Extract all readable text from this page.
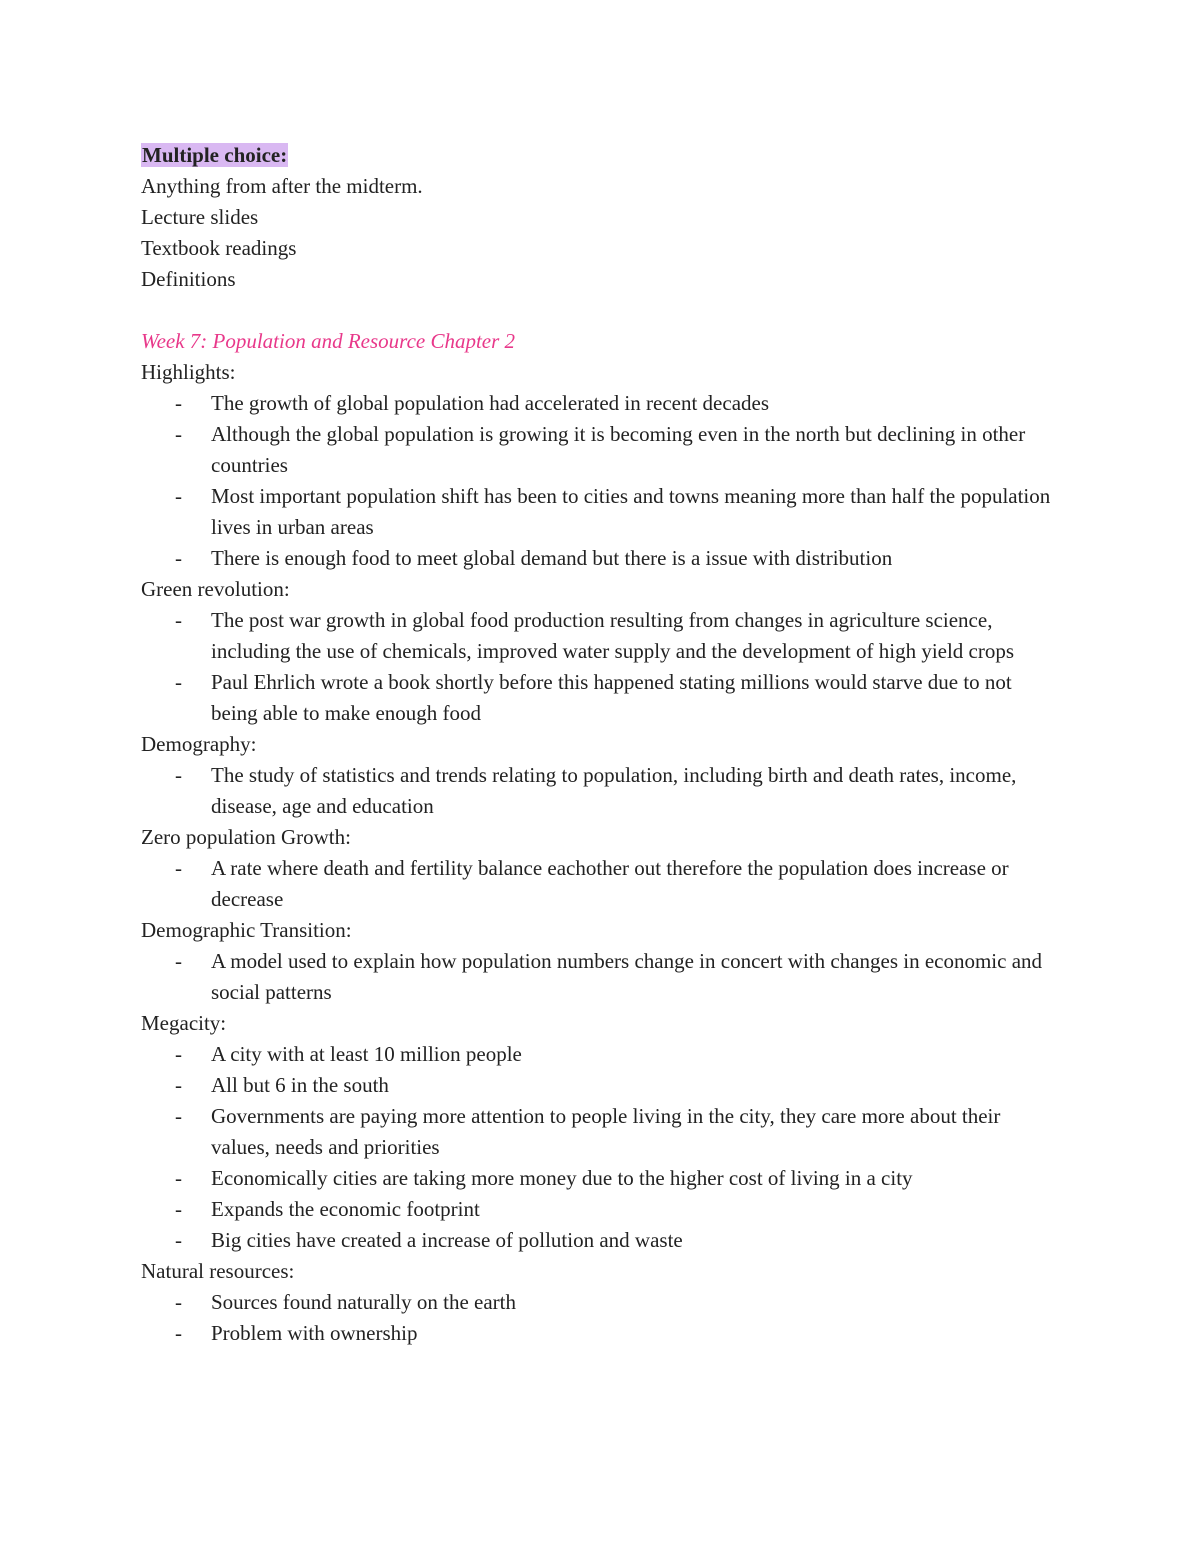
Multiple choice:
Anything from after the midterm.
Lecture slides
Textbook readings
Definitions
Week 7: Population and Resource Chapter 2
Highlights:
- The growth of global population had accelerated in recent decades
- Although the global population is growing it is becoming even in the north but declining in other countries
- Most important population shift has been to cities and towns meaning more than half the population lives in urban areas
- There is enough food to meet global demand but there is a issue with distribution
Green revolution:
- The post war growth in global food production resulting from changes in agriculture science, including the use of chemicals, improved water supply and the development of high yield crops
- Paul Ehrlich wrote a book shortly before this happened stating millions would starve due to not being able to make enough food
Demography:
- The study of statistics and trends relating to population, including birth and death rates, income, disease, age and education
Zero population Growth:
- A rate where death and fertility balance eachother out therefore the population does increase or decrease
Demographic Transition:
- A model used to explain how population numbers change in concert with changes in economic and social patterns
Megacity:
- A city with at least 10 million people
- All but 6 in the south
- Governments are paying more attention to people living in the city, they care more about their values, needs and priorities
- Economically cities are taking more money due to the higher cost of living in a city
- Expands the economic footprint
- Big cities have created a increase of pollution and waste
Natural resources:
- Sources found naturally on the earth
- Problem with ownership
